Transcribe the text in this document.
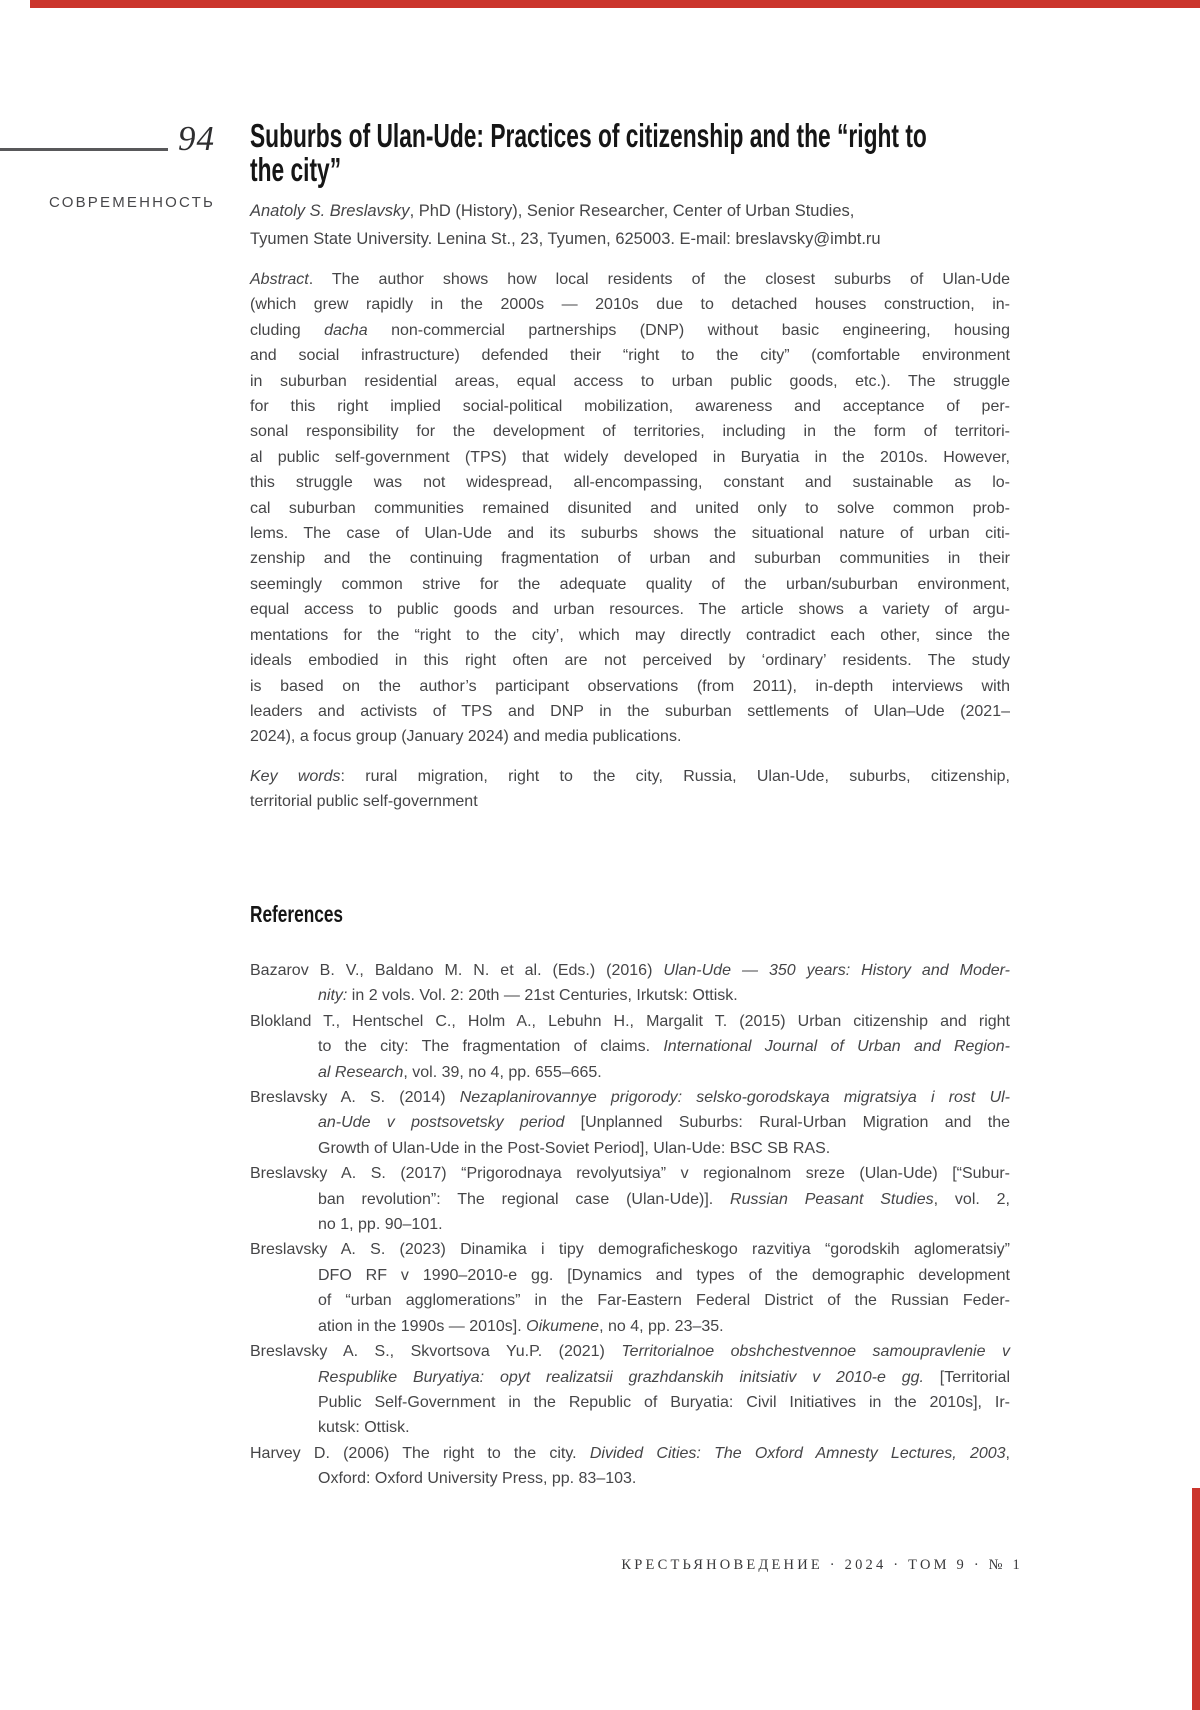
94
СОВРЕМЕННОСТЬ
Suburbs of Ulan-Ude: Practices of citizenship and the “right to
the city”
Anatoly S. Breslavsky, PhD (History), Senior Researcher, Center of Urban Studies,
Tyumen State University. Lenina St., 23, Tyumen, 625003. E-mail: breslavsky@imbt.ru
Abstract. The author shows how local residents of the closest suburbs of Ulan-Ude
(which grew rapidly in the 2000s — 2010s due to detached houses construction, in-
cluding dacha non-commercial partnerships (DNP) without basic engineering, housing
and social infrastructure) defended their “right to the city” (comfortable environment
in suburban residential areas, equal access to urban public goods, etc.). The struggle
for this right implied social-political mobilization, awareness and acceptance of per-
sonal responsibility for the development of territories, including in the form of territori-
al public self-government (TPS) that widely developed in Buryatia in the 2010s. However,
this struggle was not widespread, all-encompassing, constant and sustainable as lo-
cal suburban communities remained disunited and united only to solve common prob-
lems. The case of Ulan-Ude and its suburbs shows the situational nature of urban citi-
zenship and the continuing fragmentation of urban and suburban communities in their
seemingly common strive for the adequate quality of the urban/suburban environment,
equal access to public goods and urban resources. The article shows a variety of argu-
mentations for the “right to the city’, which may directly contradict each other, since the
ideals embodied in this right often are not perceived by ‘ordinary’ residents. The study
is based on the author’s participant observations (from 2011), in-depth interviews with
leaders and activists of TPS and DNP in the suburban settlements of Ulan–Ude (2021–
2024), a focus group (January 2024) and media publications.
Key words: rural migration, right to the city, Russia, Ulan-Ude, suburbs, citizenship,
territorial public self-government
References
Bazarov B. V., Baldano M. N. et al. (Eds.) (2016) Ulan-Ude — 350 years: History and Moder-
nity: in 2 vols. Vol. 2: 20th — 21st Centuries, Irkutsk: Ottisk.
Blokland T., Hentschel C., Holm A., Lebuhn H., Margalit T. (2015) Urban citizenship and right
to the city: The fragmentation of claims. International Journal of Urban and Region-
al Research, vol. 39, no 4, pp. 655–665.
Breslavsky A. S. (2014) Nezaplanirovannye prigorody: selsko-gorodskaya migratsiya i rost Ul-
an-Ude v postsovetsky period [Unplanned Suburbs: Rural-Urban Migration and the
Growth of Ulan-Ude in the Post-Soviet Period], Ulan-Ude: BSC SB RAS.
Breslavsky A. S. (2017) “Prigorodnaya revolyutsiya” v regionalnom sreze (Ulan-Ude) [“Subur-
ban revolution”: The regional case (Ulan-Ude)]. Russian Peasant Studies, vol. 2,
no 1, pp. 90–101.
Breslavsky A. S. (2023) Dinamika i tipy demograficheskogo razvitiya “gorodskih aglomeratsiy”
DFO RF v 1990–2010-e gg. [Dynamics and types of the demographic development
of “urban agglomerations” in the Far-Eastern Federal District of the Russian Feder-
ation in the 1990s — 2010s]. Oikumene, no 4, pp. 23–35.
Breslavsky A. S., Skvortsova Yu.P. (2021) Territorialnoe obshchestvennoe samoupravlenie v
Respublike Buryatiya: opyt realizatsii grazhdanskih initsiativ v 2010-e gg. [Territorial
Public Self-Government in the Republic of Buryatia: Civil Initiatives in the 2010s], Ir-
kutsk: Ottisk.
Harvey D. (2006) The right to the city. Divided Cities: The Oxford Amnesty Lectures, 2003,
Oxford: Oxford University Press, pp. 83–103.
КРЕСТЬЯНОВЕДЕНИЕ · 2024 · ТОМ 9 · № 1
